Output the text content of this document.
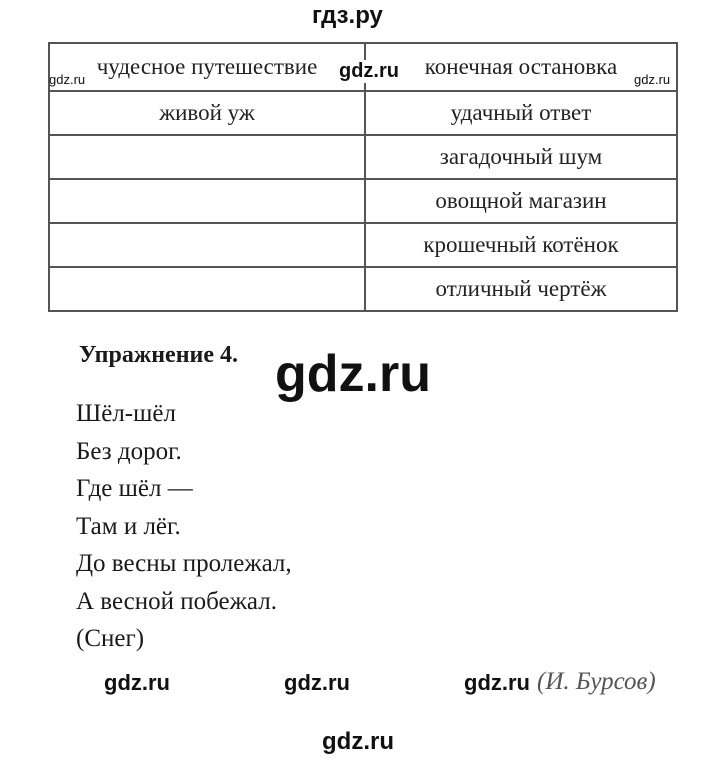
гдз.ру
чудесное путешествие	конечная остановка
живой уж	удачный ответ
	загадочный шум
	овощной магазин
	крошечный котёнок
	отличный чертёж
gdz.ru	gdz.ru	gdz.ru
Упражнение 4. gdz.ru
Шёл-шёл
Без дорог.
Где шёл —
Там и лёг.
До весны пролежал,
А весной побежал.
(Снег)
gdz.ru	gdz.ru	gdz.ru (И. Бурсов)
gdz.ru
